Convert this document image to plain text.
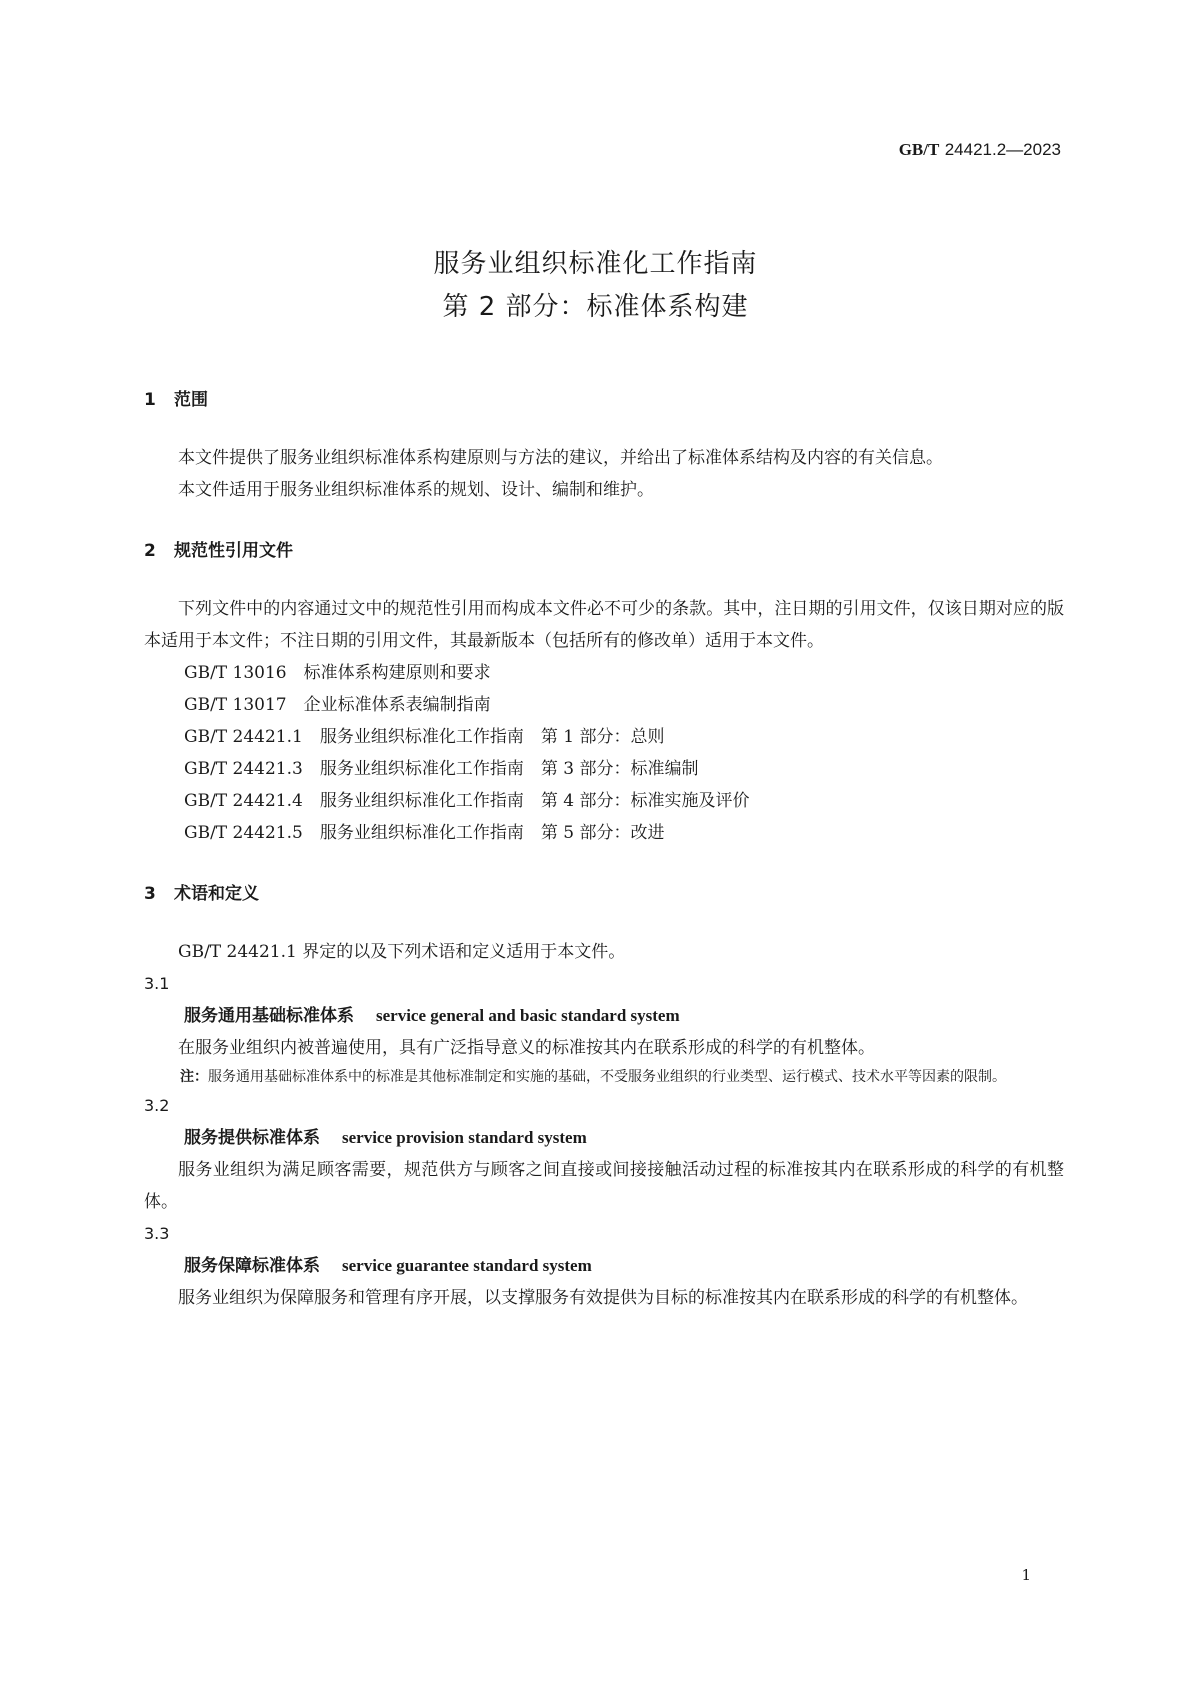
GB/T 24421.2—2023
服务业组织标准化工作指南
第 2 部分：标准体系构建
1 范围

本文件提供了服务业组织标准体系构建原则与方法的建议，并给出了标准体系结构及内容的有关信息。

本文件适用于服务业组织标准体系的规划、设计、编制和维护。

2 规范性引用文件

下列文件中的内容通过文中的规范性引用而构成本文件必不可少的条款。其中，注日期的引用文件，仅该日期对应的版本适用于本文件；不注日期的引用文件，其最新版本（包括所有的修改单）适用于本文件。

GB/T 13016　标准体系构建原则和要求
GB/T 13017　企业标准体系表编制指南
GB/T 24421.1　服务业组织标准化工作指南　第 1 部分：总则
GB/T 24421.3　服务业组织标准化工作指南　第 3 部分：标准编制
GB/T 24421.4　服务业组织标准化工作指南　第 4 部分：标准实施及评价
GB/T 24421.5　服务业组织标准化工作指南　第 5 部分：改进
3 术语和定义

GB/T 24421.1 界定的以及下列术语和定义适用于本文件。

3.1
服务通用基础标准体系 service general and basic standard system

在服务业组织内被普遍使用，具有广泛指导意义的标准按其内在联系形成的科学的有机整体。

注：服务通用基础标准体系中的标准是其他标准制定和实施的基础，不受服务业组织的行业类型、运行模式、技术水平等因素的限制。

3.2
服务提供标准体系 service provision standard system

服务业组织为满足顾客需要，规范供方与顾客之间直接或间接接触活动过程的标准按其内在联系形成的科学的有机整体。

3.3
服务保障标准体系 service guarantee standard system

服务业组织为保障服务和管理有序开展，以支撑服务有效提供为目标的标准按其内在联系形成的科学的有机整体。

1
